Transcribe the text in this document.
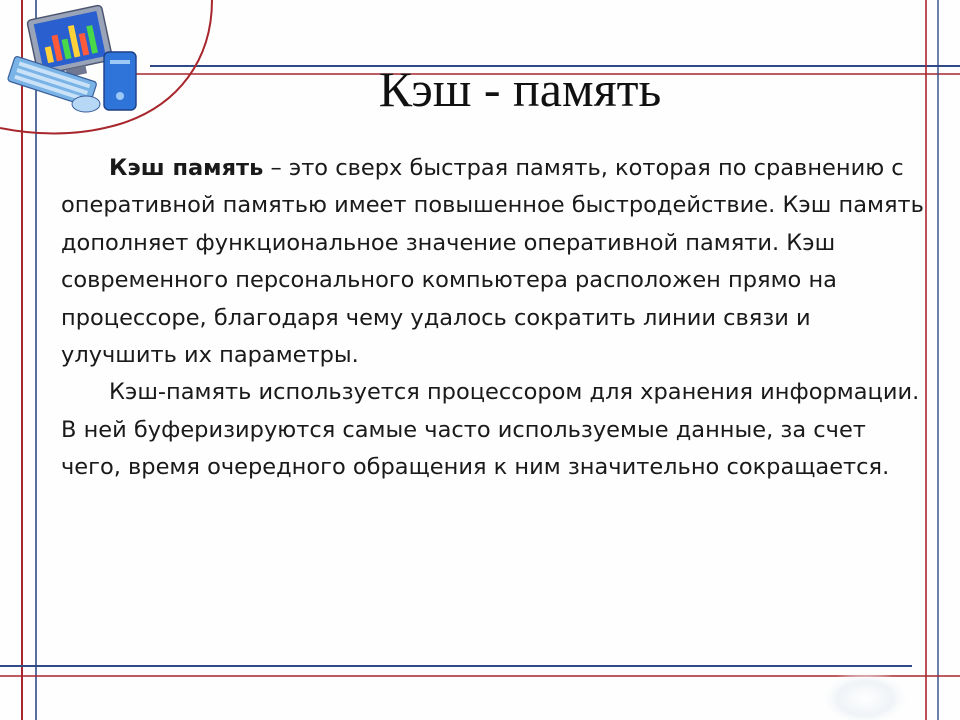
Кэш - память

Кэш память – это сверх быстрая память, которая по сравнению с оперативной памятью имеет повышенное быстродействие. Кэш память дополняет функциональное значение оперативной памяти. Кэш современного персонального компьютера расположен прямо на процессоре, благодаря чему удалось сократить линии связи и улучшить их параметры.

Кэш-память используется процессором для хранения информации. В ней буферизируются самые часто используемые данные, за счет чего, время очередного обращения к ним значительно сокращается.
